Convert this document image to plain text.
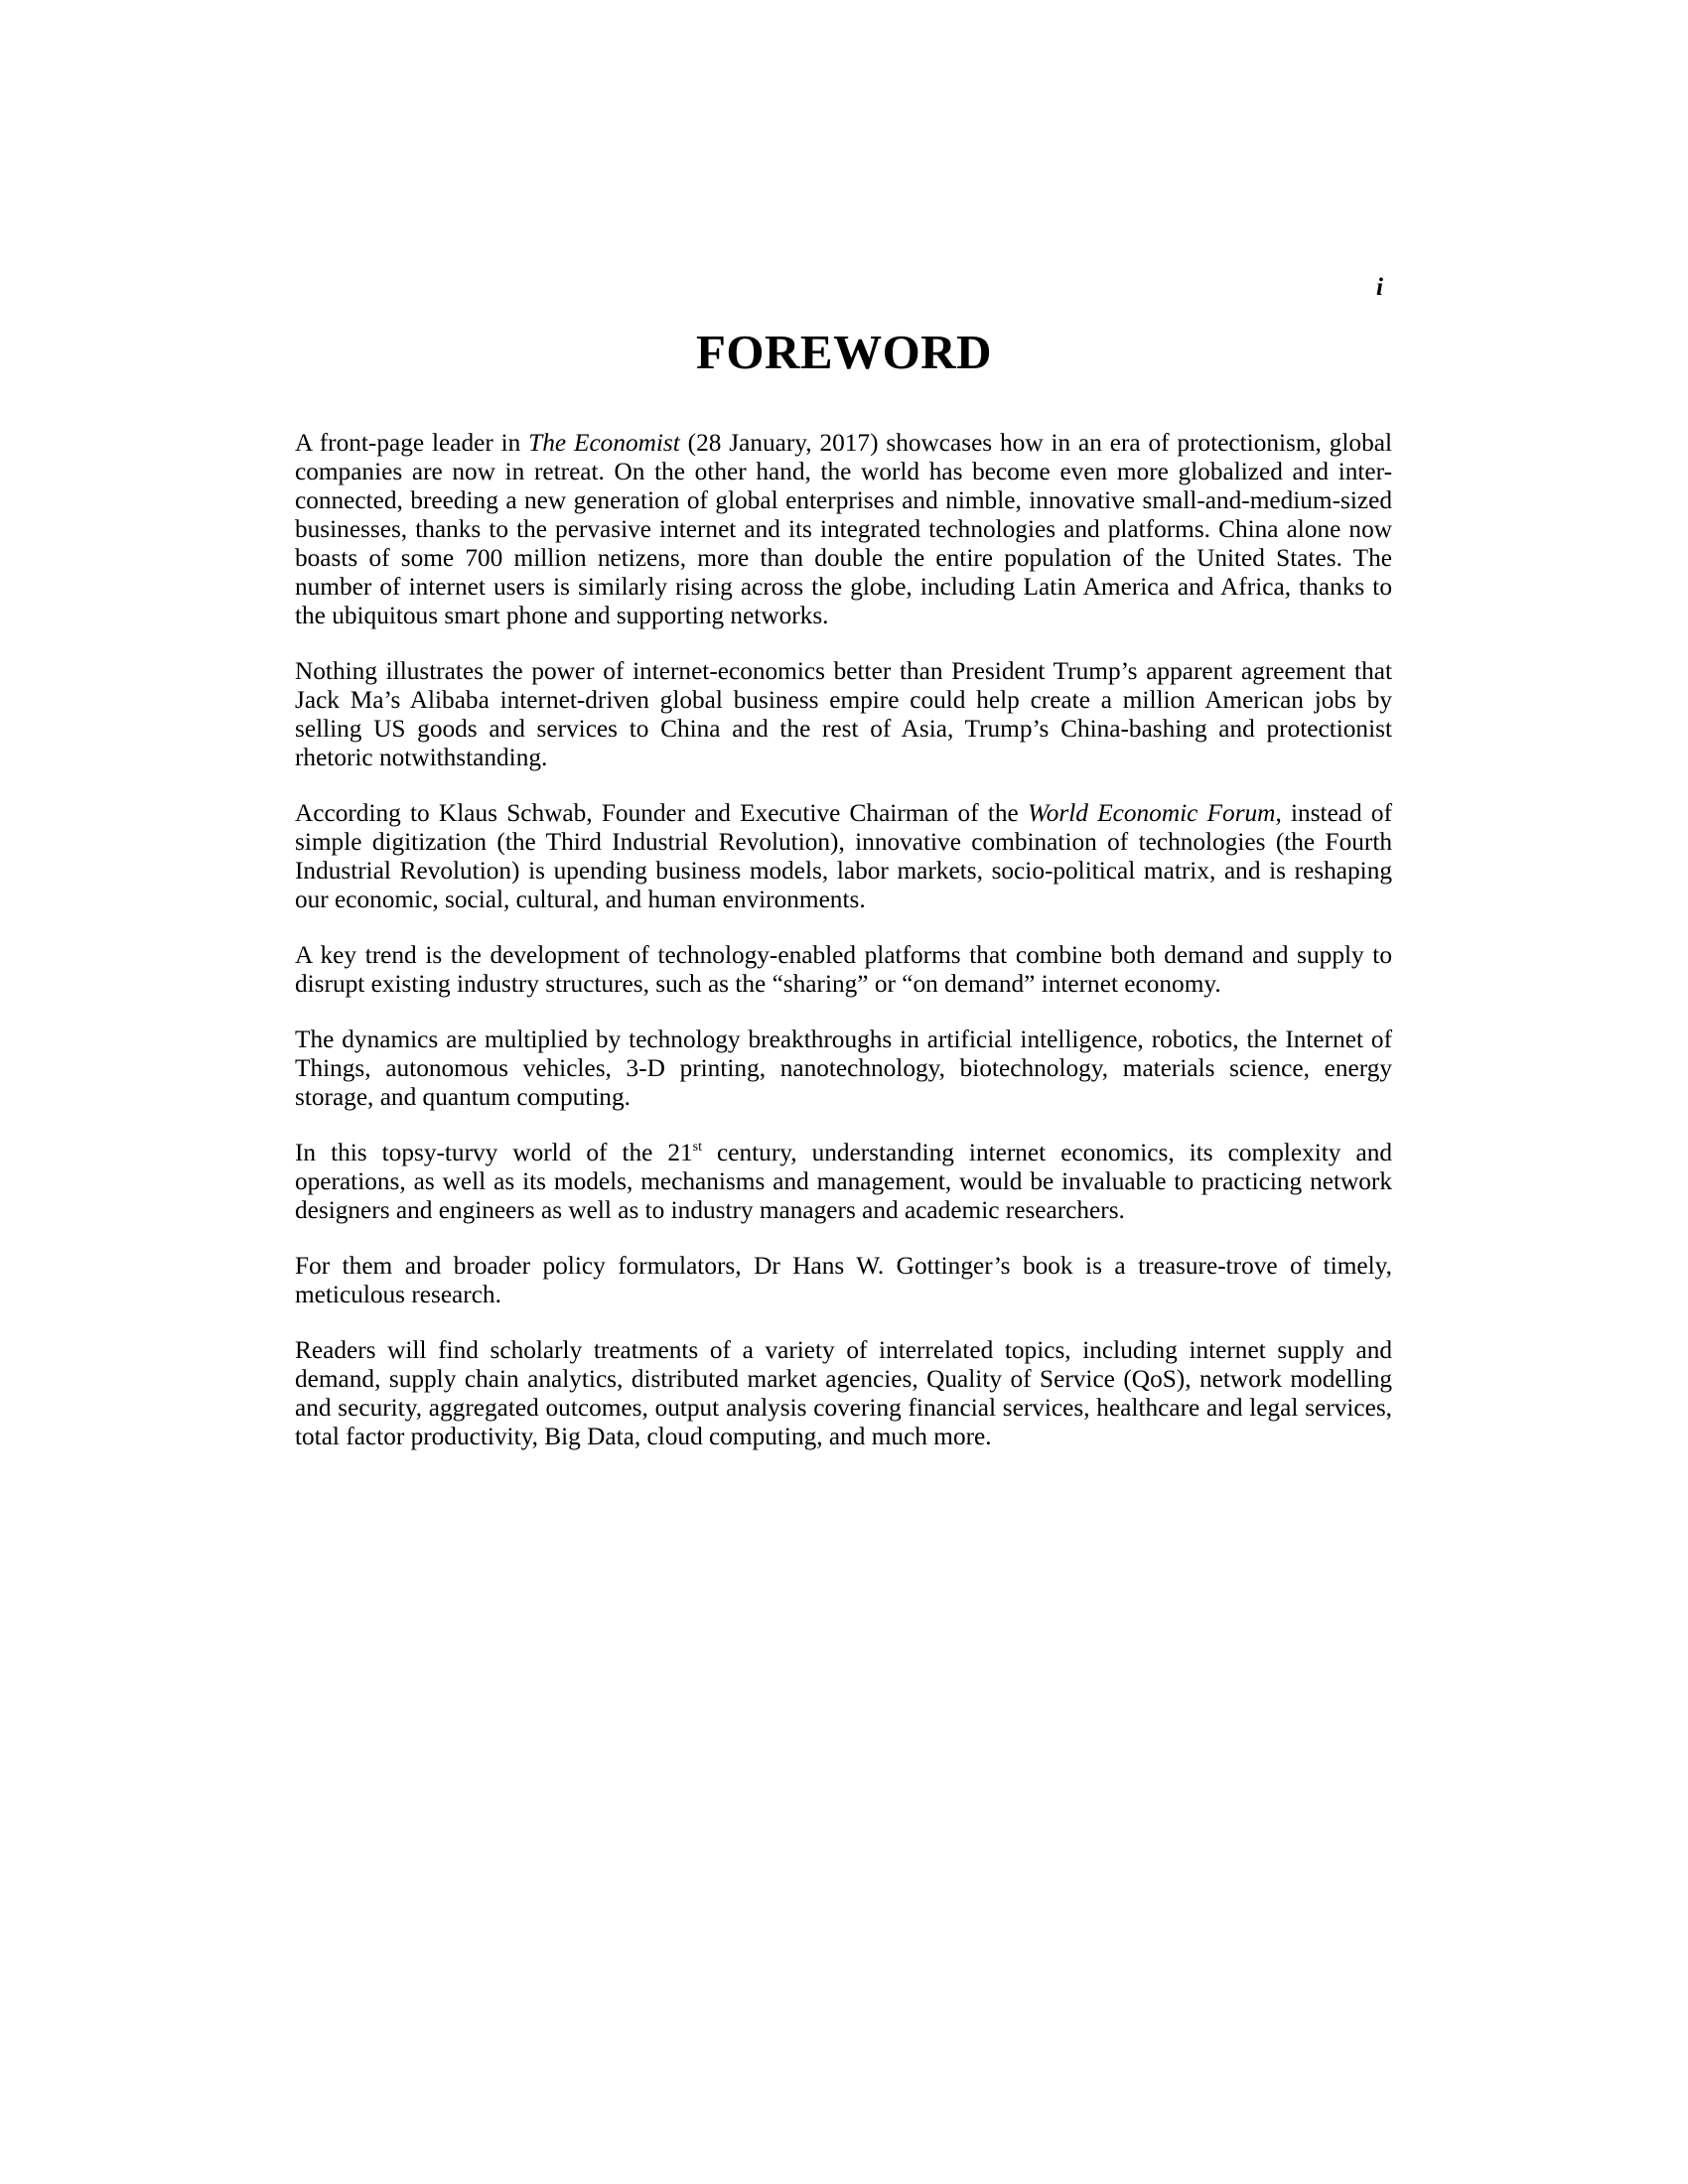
i
FOREWORD

A front-page leader in The Economist (28 January, 2017) showcases how in an era of protectionism, global companies are now in retreat. On the other hand, the world has become even more globalized and inter-connected, breeding a new generation of global enterprises and nimble, innovative small-and-medium-sized businesses, thanks to the pervasive internet and its integrated technologies and platforms. China alone now boasts of some 700 million netizens, more than double the entire population of the United States. The number of internet users is similarly rising across the globe, including Latin America and Africa, thanks to the ubiquitous smart phone and supporting networks.

Nothing illustrates the power of internet-economics better than President Trump’s apparent agreement that Jack Ma’s Alibaba internet-driven global business empire could help create a million American jobs by selling US goods and services to China and the rest of Asia, Trump’s China-bashing and protectionist rhetoric notwithstanding.

According to Klaus Schwab, Founder and Executive Chairman of the World Economic Forum, instead of simple digitization (the Third Industrial Revolution), innovative combination of technologies (the Fourth Industrial Revolution) is upending business models, labor markets, socio-political matrix, and is reshaping our economic, social, cultural, and human environments.

A key trend is the development of technology-enabled platforms that combine both demand and supply to disrupt existing industry structures, such as the “sharing” or “on demand” internet economy.

The dynamics are multiplied by technology breakthroughs in artificial intelligence, robotics, the Internet of Things, autonomous vehicles, 3-D printing, nanotechnology, biotechnology, materials science, energy storage, and quantum computing.

In this topsy-turvy world of the 21st century, understanding internet economics, its complexity and operations, as well as its models, mechanisms and management, would be invaluable to practicing network designers and engineers as well as to industry managers and academic researchers.

For them and broader policy formulators, Dr Hans W. Gottinger’s book is a treasure-trove of timely, meticulous research.

Readers will find scholarly treatments of a variety of interrelated topics, including internet supply and demand, supply chain analytics, distributed market agencies, Quality of Service (QoS), network modelling and security, aggregated outcomes, output analysis covering financial services, healthcare and legal services, total factor productivity, Big Data, cloud computing, and much more.
